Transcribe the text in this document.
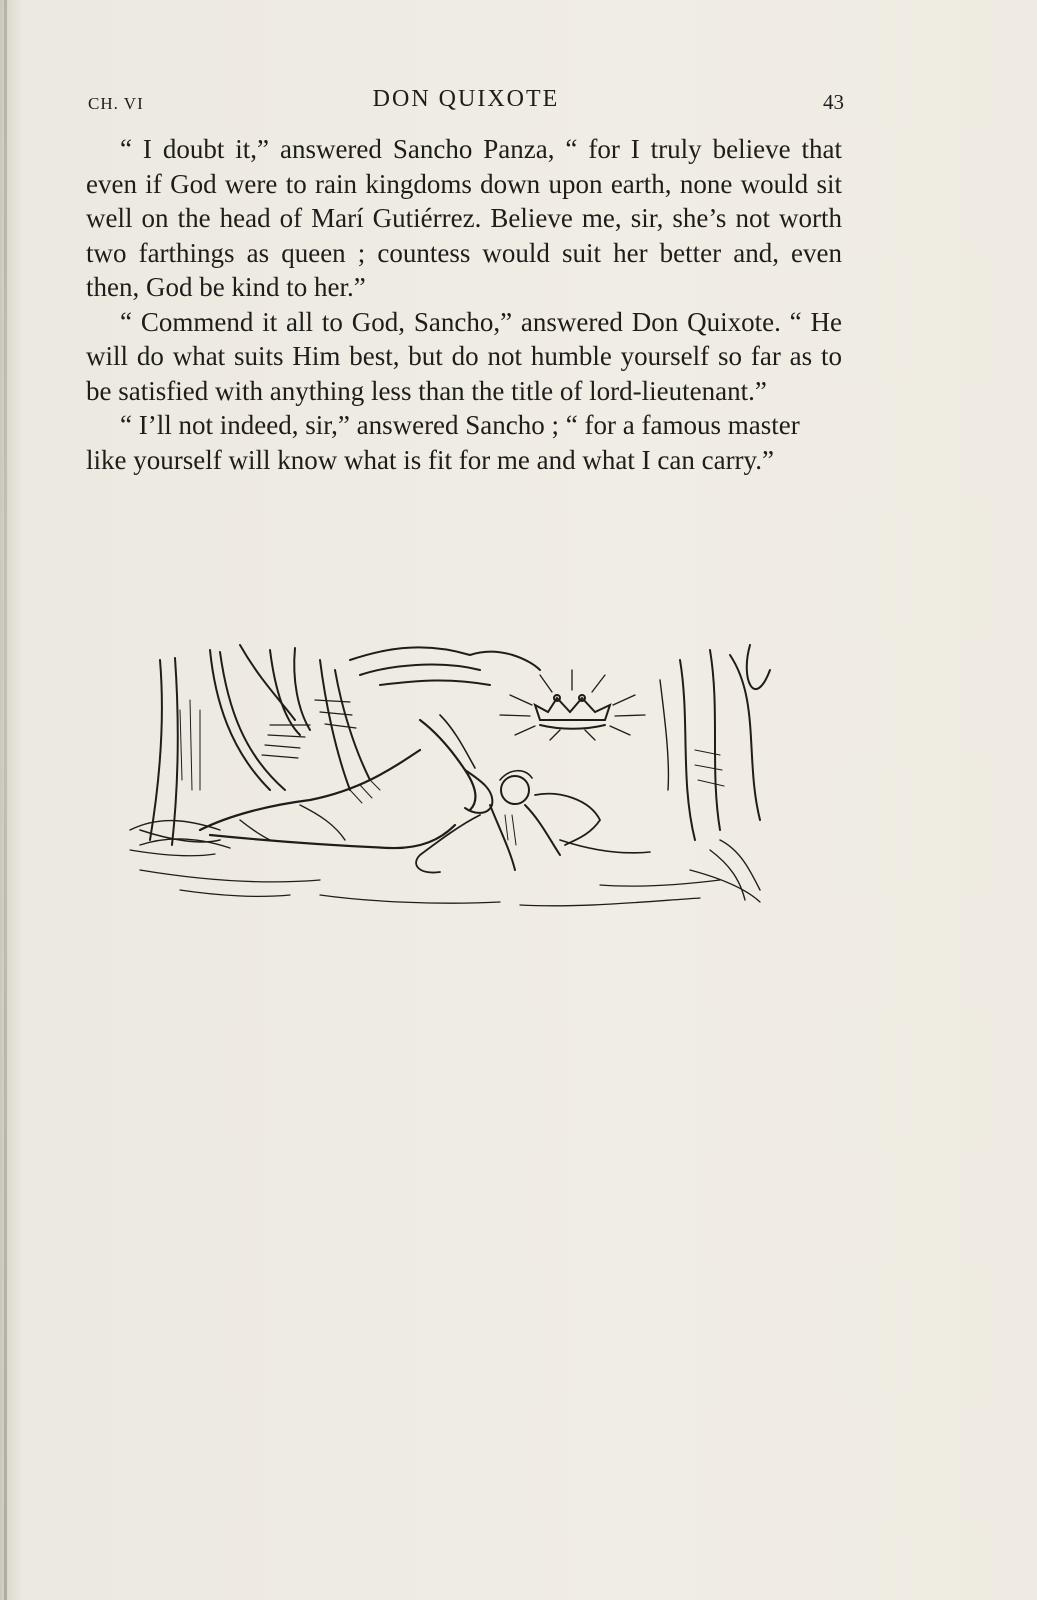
CH. VI	DON QUIXOTE	43

“ I doubt it,” answered Sancho Panza, “ for I truly believe that even if God were to rain kingdoms down upon earth, none would sit well on the head of Marí Gutiérrez. Believe me, sir, she’s not worth two farthings as queen ; countess would suit her better and, even then, God be kind to her.”

“ Commend it all to God, Sancho,” answered Don Quixote. “ He will do what suits Him best, but do not humble yourself so far as to be satisfied with anything less than the title of lord-lieutenant.”

“ I’ll not indeed, sir,” answered Sancho ; “ for a famous master like yourself will know what is fit for me and what I can carry.”
